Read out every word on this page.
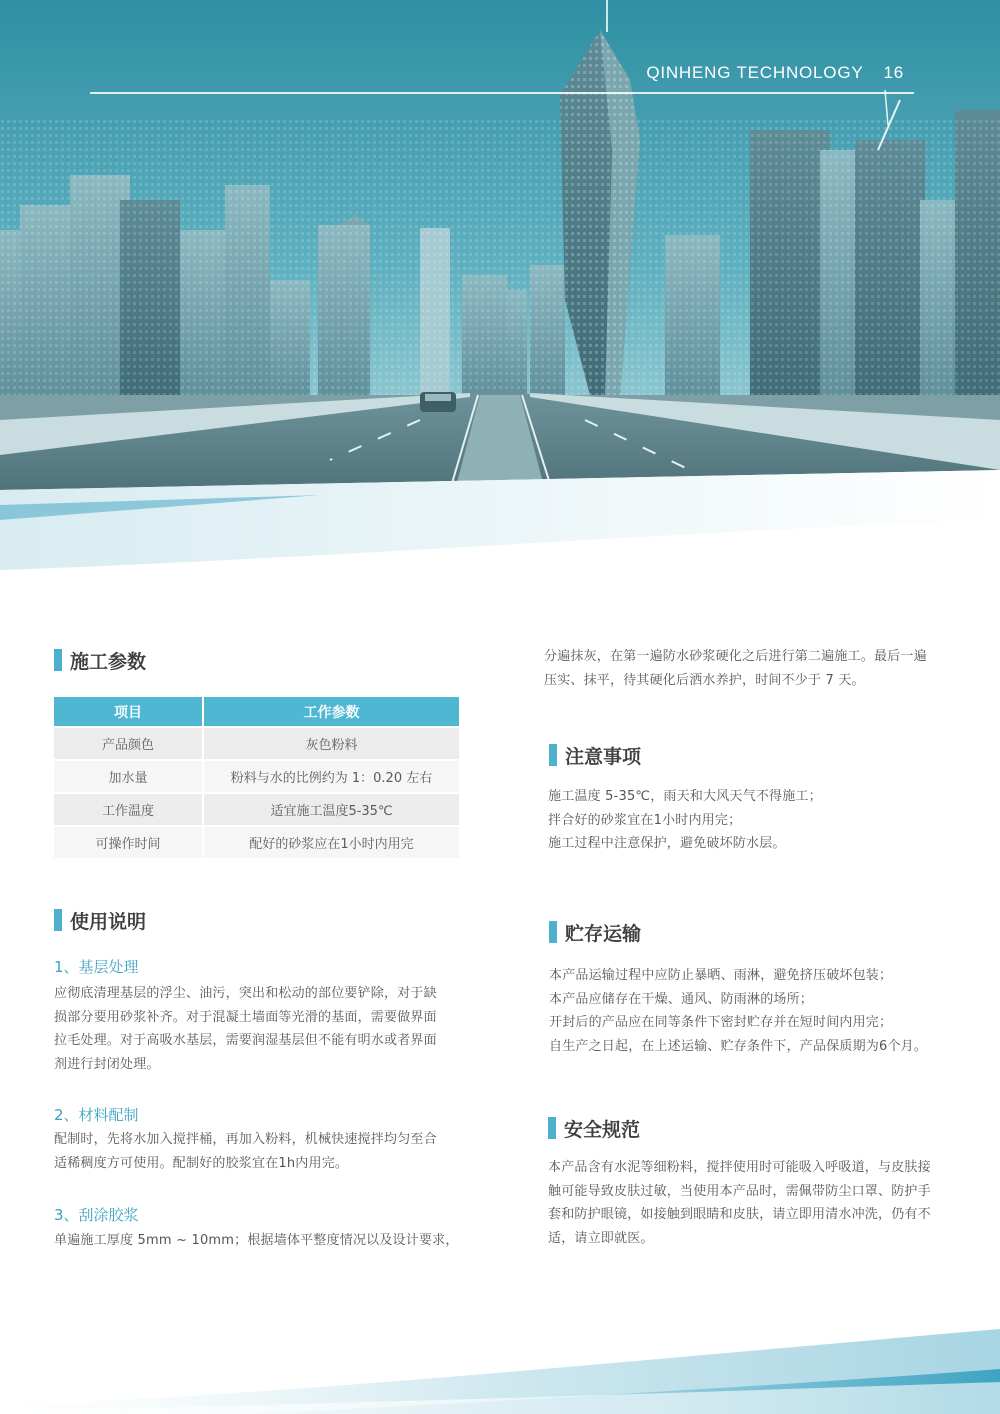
QINHENG TECHNOLOGY 16
施工参数
项目	工作参数
产品颜色	灰色粉料
加水量	粉料与水的比例约为 1：0.20 左右
工作温度	适宜施工温度5-35℃
可操作时间	配好的砂浆应在1小时内用完
使用说明
1、基层处理
应彻底清理基层的浮尘、油污，突出和松动的部位要铲除，对于缺
损部分要用砂浆补齐。对于混凝土墙面等光滑的基面，需要做界面
拉毛处理。对于高吸水基层，需要润湿基层但不能有明水或者界面
剂进行封闭处理。
2、材料配制
配制时，先将水加入搅拌桶，再加入粉料，机械快速搅拌均匀至合
适稀稠度方可使用。配制好的胶浆宜在1h内用完。
3、刮涂胶浆
单遍施工厚度 5mm ~ 10mm；根据墙体平整度情况以及设计要求，
分遍抹灰，在第一遍防水砂浆硬化之后进行第二遍施工。最后一遍
压实、抹平，待其硬化后洒水养护，时间不少于 7 天。
注意事项
施工温度 5-35℃，雨天和大风天气不得施工；
拌合好的砂浆宜在1小时内用完；
施工过程中注意保护，避免破坏防水层。
贮存运输
本产品运输过程中应防止暴晒、雨淋，避免挤压破坏包装；
本产品应储存在干燥、通风、防雨淋的场所；
开封后的产品应在同等条件下密封贮存并在短时间内用完；
自生产之日起，在上述运输、贮存条件下，产品保质期为6个月。
安全规范
本产品含有水泥等细粉料，搅拌使用时可能吸入呼吸道，与皮肤接
触可能导致皮肤过敏，当使用本产品时，需佩带防尘口罩、防护手
套和防护眼镜，如接触到眼睛和皮肤，请立即用清水冲洗，仍有不
适，请立即就医。
